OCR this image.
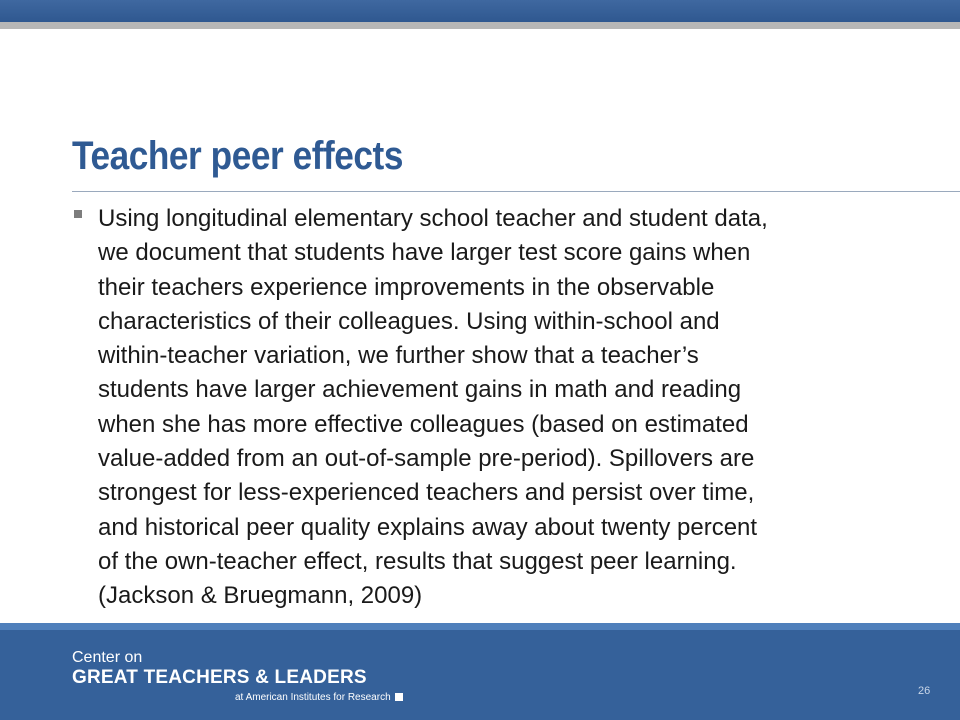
Teacher peer effects

Using longitudinal elementary school teacher and student data,
we document that students have larger test score gains when
their teachers experience improvements in the observable
characteristics of their colleagues. Using within-school and
within-teacher variation, we further show that a teacher’s
students have larger achievement gains in math and reading
when she has more effective colleagues (based on estimated
value-added from an out-of-sample pre-period). Spillovers are
strongest for less-experienced teachers and persist over time,
and historical peer quality explains away about twenty percent
of the own-teacher effect, results that suggest peer learning.
(Jackson & Bruegmann, 2009)

Center on
GREAT TEACHERS & LEADERS
at American Institutes for Research
26
